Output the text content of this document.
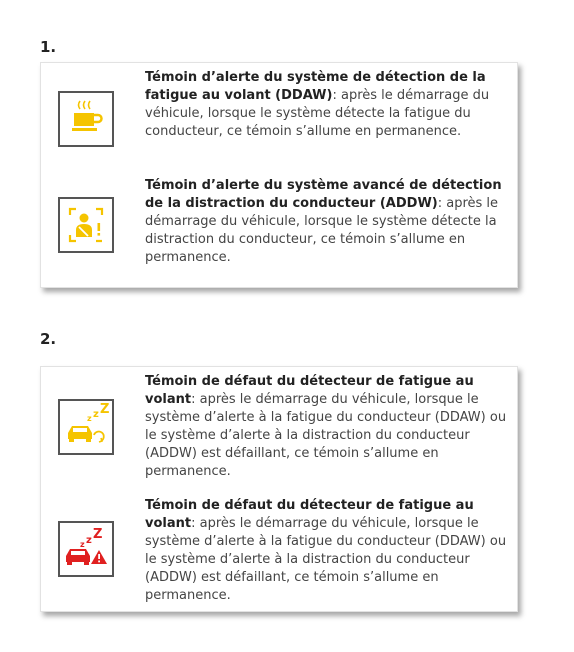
1.
Témoin d’alerte du système de détection de la fatigue au volant (DDAW): après le démarrage du véhicule, lorsque le système détecte la fatigue du conducteur, ce témoin s’allume en permanence.
Témoin d’alerte du système avancé de détection de la distraction du conducteur (ADDW): après le démarrage du véhicule, lorsque le système détecte la distraction du conducteur, ce témoin s’allume en permanence.
2.
z z Z
Témoin de défaut du détecteur de fatigue au volant: après le démarrage du véhicule, lorsque le système d’alerte à la fatigue du conducteur (DDAW) ou le système d’alerte à la distraction du conducteur (ADDW) est défaillant, ce témoin s’allume en permanence.
z z Z
Témoin de défaut du détecteur de fatigue au volant: après le démarrage du véhicule, lorsque le système d’alerte à la fatigue du conducteur (DDAW) ou le système d’alerte à la distraction du conducteur (ADDW) est défaillant, ce témoin s’allume en permanence.
